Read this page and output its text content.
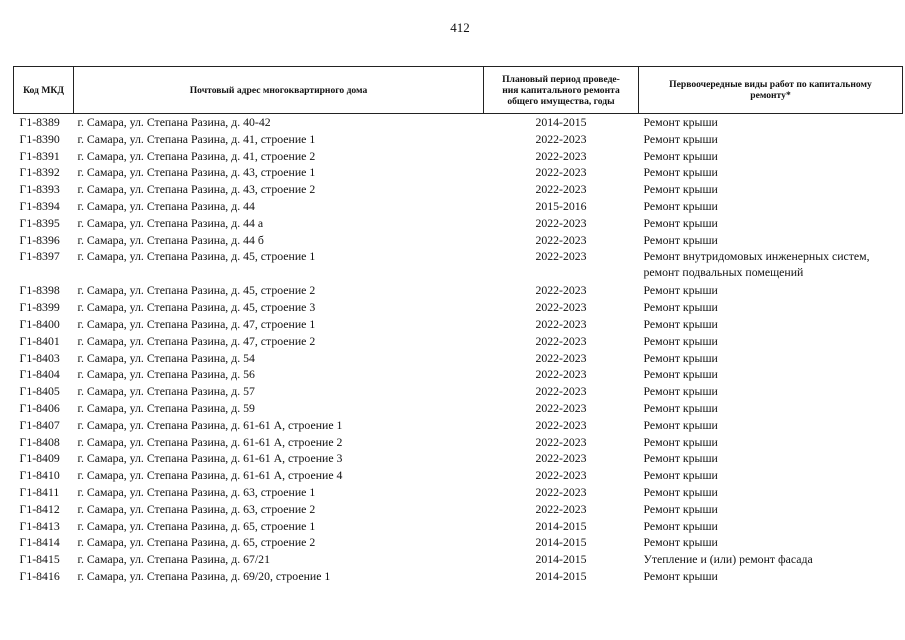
412
Код МКД	Почтовый адрес многоквартирного дома	Плановый период проведе-
ния капитального ремонта
общего имущества, годы	Первоочередные виды работ по капитальному
ремонту*

Г1-8389	г. Самара, ул. Степана Разина, д. 40-42	2014-2015	Ремонт крыши

Г1-8390	г. Самара, ул. Степана Разина, д. 41, строение 1	2022-2023	Ремонт крыши

Г1-8391	г. Самара, ул. Степана Разина, д. 41, строение 2	2022-2023	Ремонт крыши

Г1-8392	г. Самара, ул. Степана Разина, д. 43, строение 1	2022-2023	Ремонт крыши

Г1-8393	г. Самара, ул. Степана Разина, д. 43, строение 2	2022-2023	Ремонт крыши

Г1-8394	г. Самара, ул. Степана Разина, д. 44	2015-2016	Ремонт крыши

Г1-8395	г. Самара, ул. Степана Разина, д. 44 а	2022-2023	Ремонт крыши

Г1-8396	г. Самара, ул. Степана Разина, д. 44 б	2022-2023	Ремонт крыши

Г1-8397	г. Самара, ул. Степана Разина, д. 45, строение 1	2022-2023	Ремонт внутридомовых инженерных систем,
ремонт подвальных помещений

Г1-8398	г. Самара, ул. Степана Разина, д. 45, строение 2	2022-2023	Ремонт крыши

Г1-8399	г. Самара, ул. Степана Разина, д. 45, строение 3	2022-2023	Ремонт крыши

Г1-8400	г. Самара, ул. Степана Разина, д. 47, строение 1	2022-2023	Ремонт крыши

Г1-8401	г. Самара, ул. Степана Разина, д. 47, строение 2	2022-2023	Ремонт крыши

Г1-8403	г. Самара, ул. Степана Разина, д. 54	2022-2023	Ремонт крыши

Г1-8404	г. Самара, ул. Степана Разина, д. 56	2022-2023	Ремонт крыши

Г1-8405	г. Самара, ул. Степана Разина, д. 57	2022-2023	Ремонт крыши

Г1-8406	г. Самара, ул. Степана Разина, д. 59	2022-2023	Ремонт крыши

Г1-8407	г. Самара, ул. Степана Разина, д. 61-61 А, строение 1	2022-2023	Ремонт крыши

Г1-8408	г. Самара, ул. Степана Разина, д. 61-61 А, строение 2	2022-2023	Ремонт крыши

Г1-8409	г. Самара, ул. Степана Разина, д. 61-61 А, строение 3	2022-2023	Ремонт крыши

Г1-8410	г. Самара, ул. Степана Разина, д. 61-61 А, строение 4	2022-2023	Ремонт крыши

Г1-8411	г. Самара, ул. Степана Разина, д. 63, строение 1	2022-2023	Ремонт крыши

Г1-8412	г. Самара, ул. Степана Разина, д. 63, строение 2	2022-2023	Ремонт крыши

Г1-8413	г. Самара, ул. Степана Разина, д. 65, строение 1	2014-2015	Ремонт крыши

Г1-8414	г. Самара, ул. Степана Разина, д. 65, строение 2	2014-2015	Ремонт крыши

Г1-8415	г. Самара, ул. Степана Разина, д. 67/21	2014-2015	Утепление и (или) ремонт фасада

Г1-8416	г. Самара, ул. Степана Разина, д. 69/20, строение 1	2014-2015	Ремонт крыши
